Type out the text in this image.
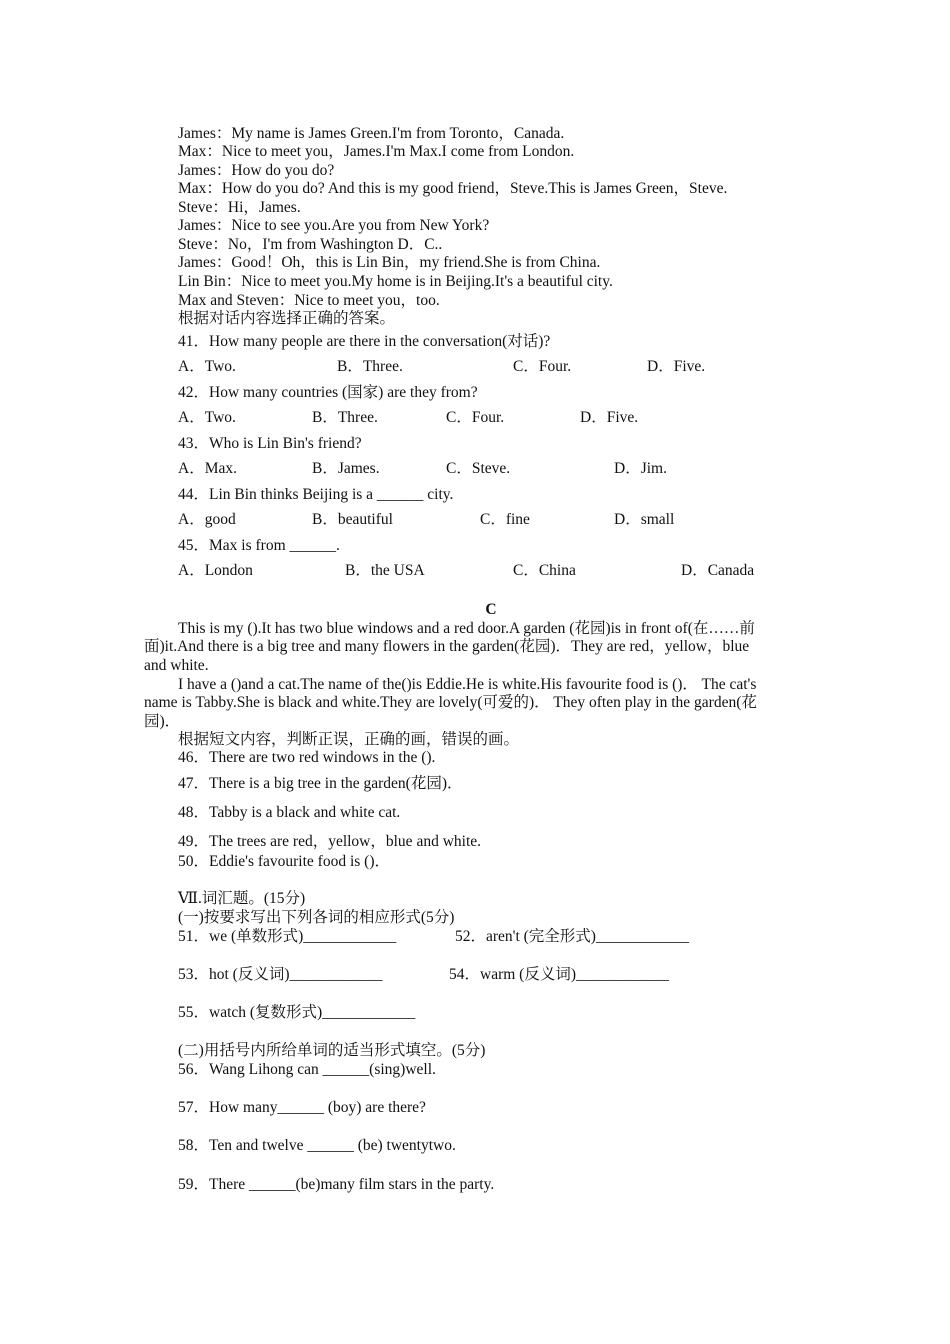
James：My name is James Green.I'm from Toronto，Canada.
Max：Nice to meet you，James.I'm Max.I come from London.
James：How do you do?
Max：How do you do? And this is my good friend，Steve.This is James Green，Steve.
Steve：Hi，James.
James：Nice to see you.Are you from New York?
Steve：No，I'm from Washington D．C..
James：Good！Oh，this is Lin Bin，my friend.She is from China.
Lin Bin：Nice to meet you.My home is in Beijing.It's a beautiful city.
Max and Steven：Nice to meet you，too.
根据对话内容选择正确的答案。
41．How many people are there in the conversation(对话)?
A．Two.	B．Three.	C．Four.	D．Five.
42．How many countries (国家) are they from?
A．Two.	B．Three.	C．Four.	D．Five.
43．Who is Lin Bin's friend?
A．Max.	B．James.	C．Steve.	D．Jim.
44．Lin Bin thinks Beijing is a ______ city.
A．good	B．beautiful	C．fine	D．small
45．Max is from ______.
A．London	B．the USA	C．China	D．Canada
C
This is my ().It has two blue windows and a red door.A garden (花园)is in front of(在……前
面)it.And there is a big tree and many flowers in the garden(花园)．They are red，yellow，blue
and white.
I have a ()and a cat.The name of the()is Eddie.He is white.His favourite food is ()． The cat's
name is Tabby.She is black and white.They are lovely(可爱的)． They often play in the garden(花
园)．
根据短文内容，判断正误，正确的画，错误的画。
46．There are two red windows in the ().
47．There is a big tree in the garden(花园)．
48．Tabby is a black and white cat.
49．The trees are red，yellow，blue and white.
50．Eddie's favourite food is ()．
Ⅶ.词汇题。(15分)
(一)按要求写出下列各词的相应形式(5分)
51．we (单数形式)____________	52．aren't (完全形式)____________
53．hot (反义词)____________	54．warm (反义词)____________
55．watch (复数形式)____________
(二)用括号内所给单词的适当形式填空。(5分)
56．Wang Lihong can ______(sing)well.
57．How many______ (boy) are there?
58．Ten and twelve ______ (be) twentytwo.
59．There ______(be)many film stars in the party.
